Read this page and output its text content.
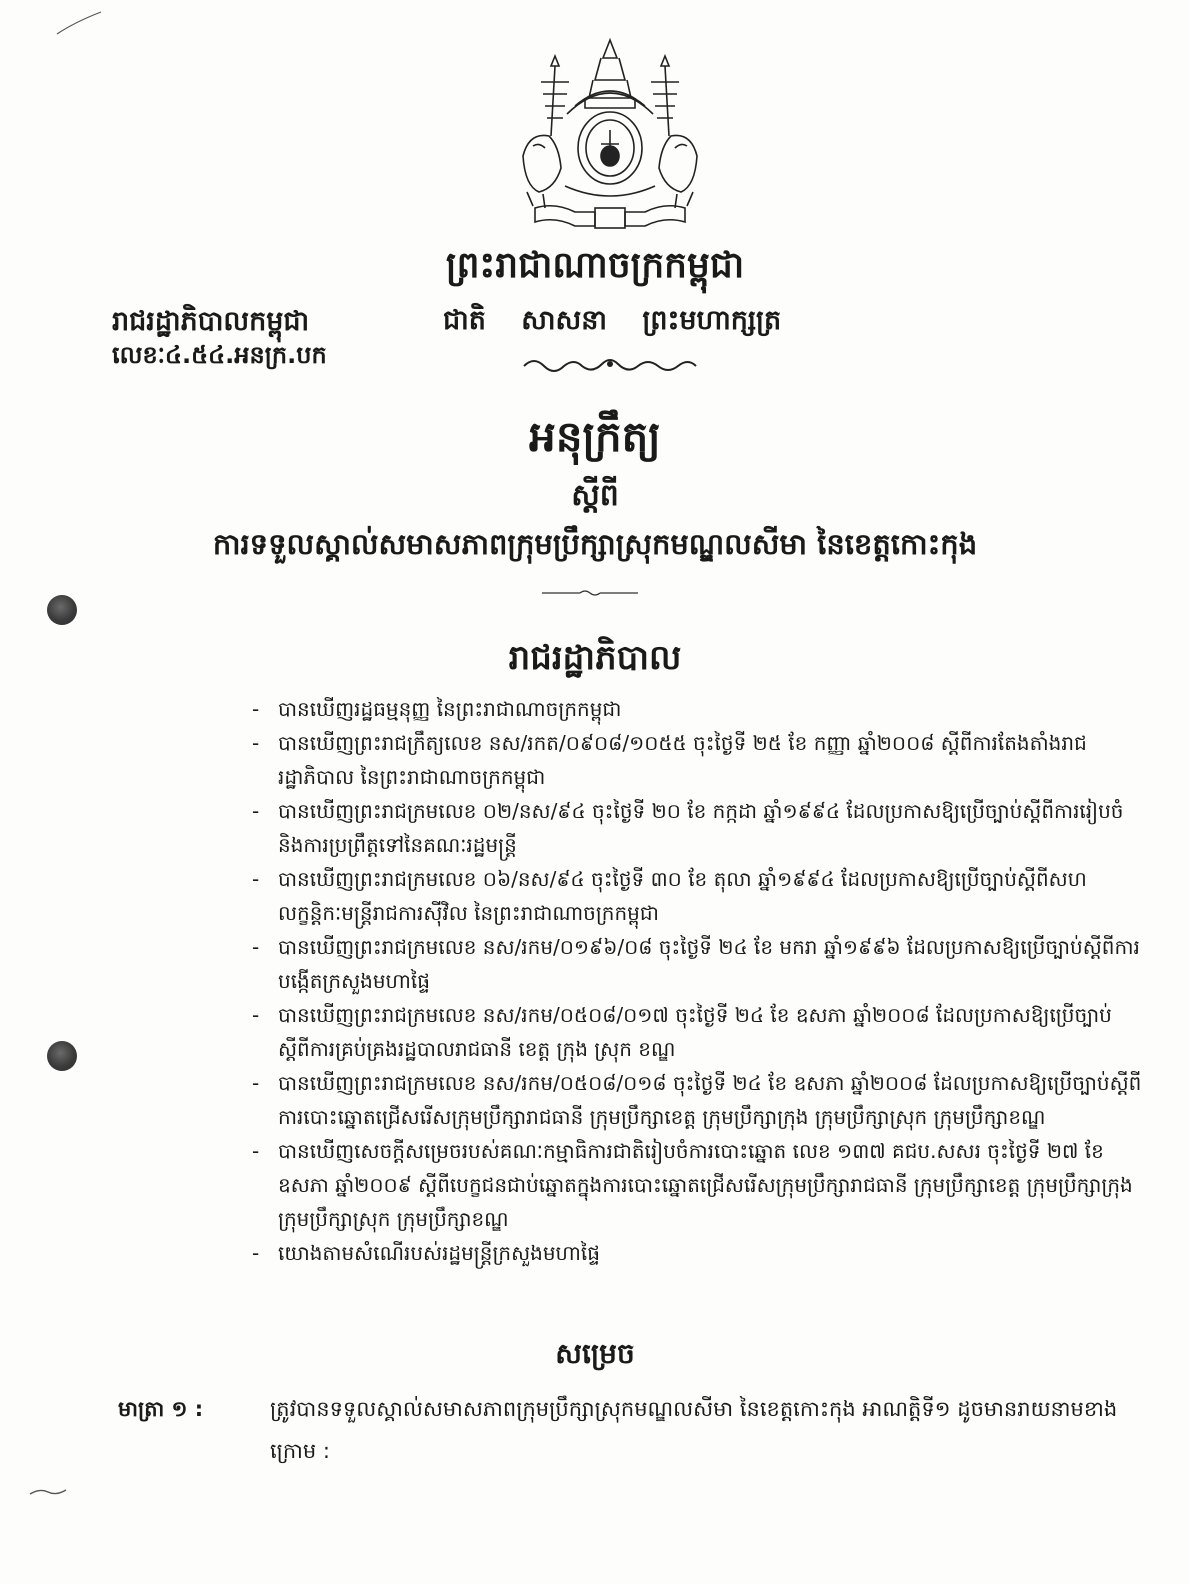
ព្រះរាជាណាចក្រកម្ពុជា
រាជរដ្ឋាភិបាលកម្ពុជា	ជាតិ សាសនា ព្រះមហាក្សត្រ
លេខៈ៤.៥៤.អនក្រ.បក
អនុក្រឹត្យ
ស្តីពី
ការទទួលស្គាល់សមាសភាពក្រុមប្រឹក្សាស្រុកមណ្ឌលសីមា នៃខេត្តកោះកុង
រាជរដ្ឋាភិបាល
- បានឃើញរដ្ឋធម្មនុញ្ញ នៃព្រះរាជាណាចក្រកម្ពុជា
- បានឃើញព្រះរាជក្រឹត្យលេខ នស/រកត/០៩០៨/១០៥៥ ចុះថ្ងៃទី ២៥ ខែ កញ្ញា ឆ្នាំ២០០៨ ស្តីពីការតែងតាំងរាជរដ្ឋាភិបាល នៃព្រះរាជាណាចក្រកម្ពុជា
- បានឃើញព្រះរាជក្រមលេខ ០២/នស/៩៤ ចុះថ្ងៃទី ២០ ខែ កក្កដា ឆ្នាំ១៩៩៤ ដែលប្រកាសឱ្យប្រើច្បាប់ស្តីពីការរៀបចំ និងការប្រព្រឹត្តទៅនៃគណៈរដ្ឋមន្ត្រី
- បានឃើញព្រះរាជក្រមលេខ ០៦/នស/៩៤ ចុះថ្ងៃទី ៣០ ខែ តុលា ឆ្នាំ១៩៩៤ ដែលប្រកាសឱ្យប្រើច្បាប់ស្តីពីសហលក្ខន្តិកៈមន្ត្រីរាជការស៊ីវិល នៃព្រះរាជាណាចក្រកម្ពុជា
- បានឃើញព្រះរាជក្រមលេខ នស/រកម/០១៩៦/០៨ ចុះថ្ងៃទី ២៤ ខែ មករា ឆ្នាំ១៩៩៦ ដែលប្រកាសឱ្យប្រើច្បាប់ស្តីពីការបង្កើតក្រសួងមហាផ្ទៃ
- បានឃើញព្រះរាជក្រមលេខ នស/រកម/០៥០៨/០១៧ ចុះថ្ងៃទី ២៤ ខែ ឧសភា ឆ្នាំ២០០៨ ដែលប្រកាសឱ្យប្រើច្បាប់ស្តីពីការគ្រប់គ្រងរដ្ឋបាលរាជធានី ខេត្ត ក្រុង ស្រុក ខណ្ឌ
- បានឃើញព្រះរាជក្រមលេខ នស/រកម/០៥០៨/០១៨ ចុះថ្ងៃទី ២៤ ខែ ឧសភា ឆ្នាំ២០០៨ ដែលប្រកាសឱ្យប្រើច្បាប់ស្តីពីការបោះឆ្នោតជ្រើសរើសក្រុមប្រឹក្សារាជធានី ក្រុមប្រឹក្សាខេត្ត ក្រុមប្រឹក្សាក្រុង ក្រុមប្រឹក្សាស្រុក ក្រុមប្រឹក្សាខណ្ឌ
- បានឃើញសេចក្តីសម្រេចរបស់គណៈកម្មាធិការជាតិរៀបចំការបោះឆ្នោត លេខ ១៣៧ គជប.សសរ ចុះថ្ងៃទី ២៧ ខែ ឧសភា ឆ្នាំ២០០៩ ស្តីពីបេក្ខជនជាប់ឆ្នោតក្នុងការបោះឆ្នោតជ្រើសរើសក្រុមប្រឹក្សារាជធានី ក្រុមប្រឹក្សាខេត្ត ក្រុមប្រឹក្សាក្រុង ក្រុមប្រឹក្សាស្រុក ក្រុមប្រឹក្សាខណ្ឌ
- យោងតាមសំណើរបស់រដ្ឋមន្ត្រីក្រសួងមហាផ្ទៃ
សម្រេច
មាត្រា ១ :	ត្រូវបានទទួលស្គាល់សមាសភាពក្រុមប្រឹក្សាស្រុកមណ្ឌលសីមា នៃខេត្តកោះកុង អាណត្តិទី១ ដូចមានរាយនាមខាងក្រោម :
